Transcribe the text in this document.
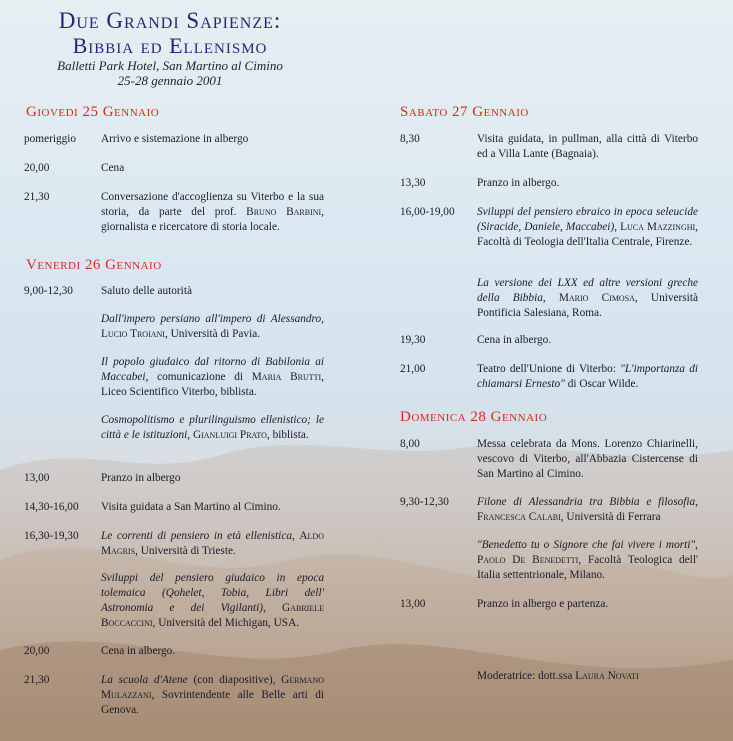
Due Grandi Sapienze:
Bibbia ed Ellenismo
Balletti Park Hotel, San Martino al Cimino
25-28 gennaio 2001
Giovedi 25 Gennaio
pomeriggio	Arrivo e sistemazione in albergo
20,00	Cena
21,30	Conversazione d'accoglienza su Viterbo e la sua storia, da parte del prof. Bruno Barbini, giornalista e ricercatore di storia locale.
Venerdi 26 Gennaio
9,00-12,30	Saluto delle autorità
Dall'impero persiano all'impero di Alessandro, Lucio Troiani, Università di Pavia.
Il popolo giudaico dal ritorno di Babilonia ai Maccabei, comunicazione di Maria Brutti, Liceo Scientifico Viterbo, biblista.
Cosmopolitismo e plurilinguismo ellenistico; le città e le istituzioni, Gianluigi Prato, biblista.
13,00	Pranzo in albergo
14,30-16,00	Visita guidata a San Martino al Cimino.
16,30-19,30	Le correnti di pensiero in età ellenistica, Aldo Magris, Università di Trieste.
Sviluppi del pensiero giudaico in epoca tolemaica (Qohelet, Tobia, Libri dell' Astronomia e dei Vigilanti), Gabriele Boccaccini, Università del Michigan, USA.
20,00	Cena in albergo.
21,30	La scuola d'Atene (con diapositive), Germano Mulazzani, Sovrintendente alle Belle arti di Genova.
Sabato 27 Gennaio
8,30	Visita guidata, in pullman, alla città di Viterbo ed a Villa Lante (Bagnaia).
13,30	Pranzo in albergo.
16,00-19,00	Sviluppi del pensiero ebraico in epoca seleucide (Siracide, Daniele, Maccabei), Luca Mazzinghi, Facoltà di Teologia dell'Italia Centrale, Firenze.
La versione dei LXX ed altre versioni greche della Bibbia, Mario Cimosa, Università Pontificia Salesiana, Roma.
19,30	Cena in albergo.
21,00	Teatro dell'Unione di Viterbo: "L'importanza di chiamarsi Ernesto" di Oscar Wilde.
Domenica 28 Gennaio
8,00	Messa celebrata da Mons. Lorenzo Chiarinelli, vescovo di Viterbo, all'Abbazia Cistercense di San Martino al Cimino.
9,30-12,30	Filone di Alessandria tra Bibbia e filosofia, Francesca Calabi, Università di Ferrara
"Benedetto tu o Signore che fai vivere i morti", Paolo De Benedetti, Facoltà Teologica dell' Italia settentrionale, Milano.
13,00	Pranzo in albergo e partenza.
Moderatrice: dott.ssa Laura Novati
